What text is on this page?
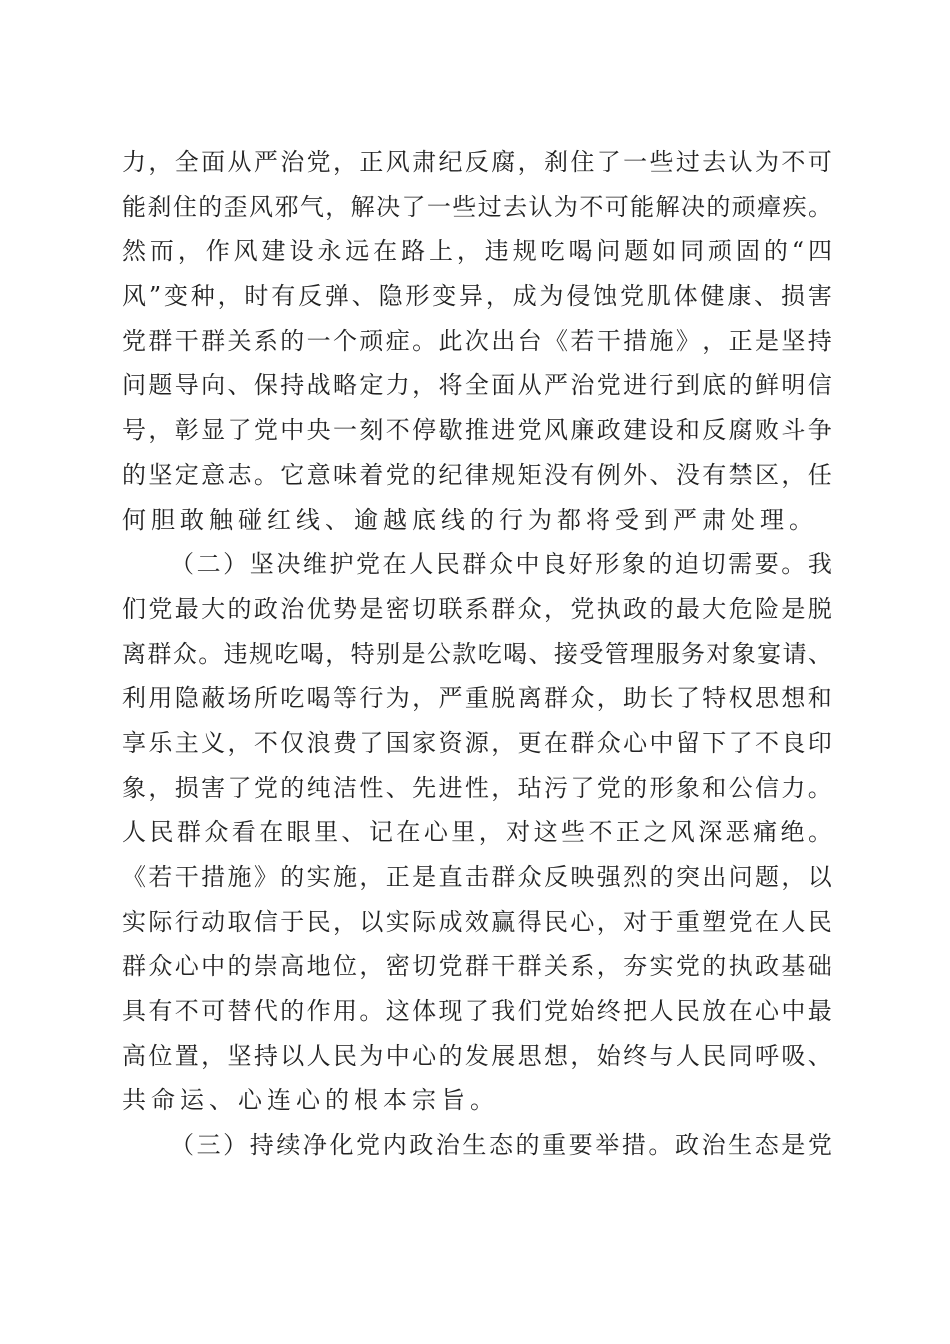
力 ， 全 面 从 严 治 党 ， 正 风 肃 纪 反 腐 ， 刹 住 了 一 些 过 去 认 为 不 可
能 刹 住 的 歪 风 邪 气 ， 解 决 了 一 些 过 去 认 为 不 可 能 解 决 的 顽 瘴 疾 。
然 而 ， 作 风 建 设 永 远 在 路 上 ， 违 规 吃 喝 问 题 如 同 顽 固 的 “ 四
风 ” 变 种 ， 时 有 反 弹 、 隐 形 变 异 ， 成 为 侵 蚀 党 肌 体 健 康 、 损 害
党 群 干 群 关 系 的 一 个 顽 症 。 此 次 出 台 《 若 干 措 施 》 ， 正 是 坚 持
问 题 导 向 、 保 持 战 略 定 力 ， 将 全 面 从 严 治 党 进 行 到 底 的 鲜 明 信
号 ， 彰 显 了 党 中 央 一 刻 不 停 歇 推 进 党 风 廉 政 建 设 和 反 腐 败 斗 争
的 坚 定 意 志 。 它 意 味 着 党 的 纪 律 规 矩 没 有 例 外 、 没 有 禁 区 ， 任
何胆敢触碰红线、逾越底线的行为都将受到严肃处理。
（ 二 ） 坚 决 维 护 党 在 人 民 群 众 中 良 好 形 象 的 迫 切 需 要 。 我
们 党 最 大 的 政 治 优 势 是 密 切 联 系 群 众 ， 党 执 政 的 最 大 危 险 是 脱
离 群 众 。 违 规 吃 喝 ， 特 别 是 公 款 吃 喝 、 接 受 管 理 服 务 对 象 宴 请 、
利 用 隐 蔽 场 所 吃 喝 等 行 为 ， 严 重 脱 离 群 众 ， 助 长 了 特 权 思 想 和
享 乐 主 义 ， 不 仅 浪 费 了 国 家 资 源 ， 更 在 群 众 心 中 留 下 了 不 良 印
象 ， 损 害 了 党 的 纯 洁 性 、 先 进 性 ， 玷 污 了 党 的 形 象 和 公 信 力 。
人 民 群 众 看 在 眼 里 、 记 在 心 里 ， 对 这 些 不 正 之 风 深 恶 痛 绝 。
《 若 干 措 施 》 的 实 施 ， 正 是 直 击 群 众 反 映 强 烈 的 突 出 问 题 ， 以
实 际 行 动 取 信 于 民 ， 以 实 际 成 效 赢 得 民 心 ， 对 于 重 塑 党 在 人 民
群 众 心 中 的 崇 高 地 位 ， 密 切 党 群 干 群 关 系 ， 夯 实 党 的 执 政 基 础
具 有 不 可 替 代 的 作 用 。 这 体 现 了 我 们 党 始 终 把 人 民 放 在 心 中 最
高 位 置 ， 坚 持 以 人 民 为 中 心 的 发 展 思 想 ， 始 终 与 人 民 同 呼 吸 、
共命运、心连心的根本宗旨。
（ 三 ） 持 续 净 化 党 内 政 治 生 态 的 重 要 举 措 。 政 治 生 态 是 党
